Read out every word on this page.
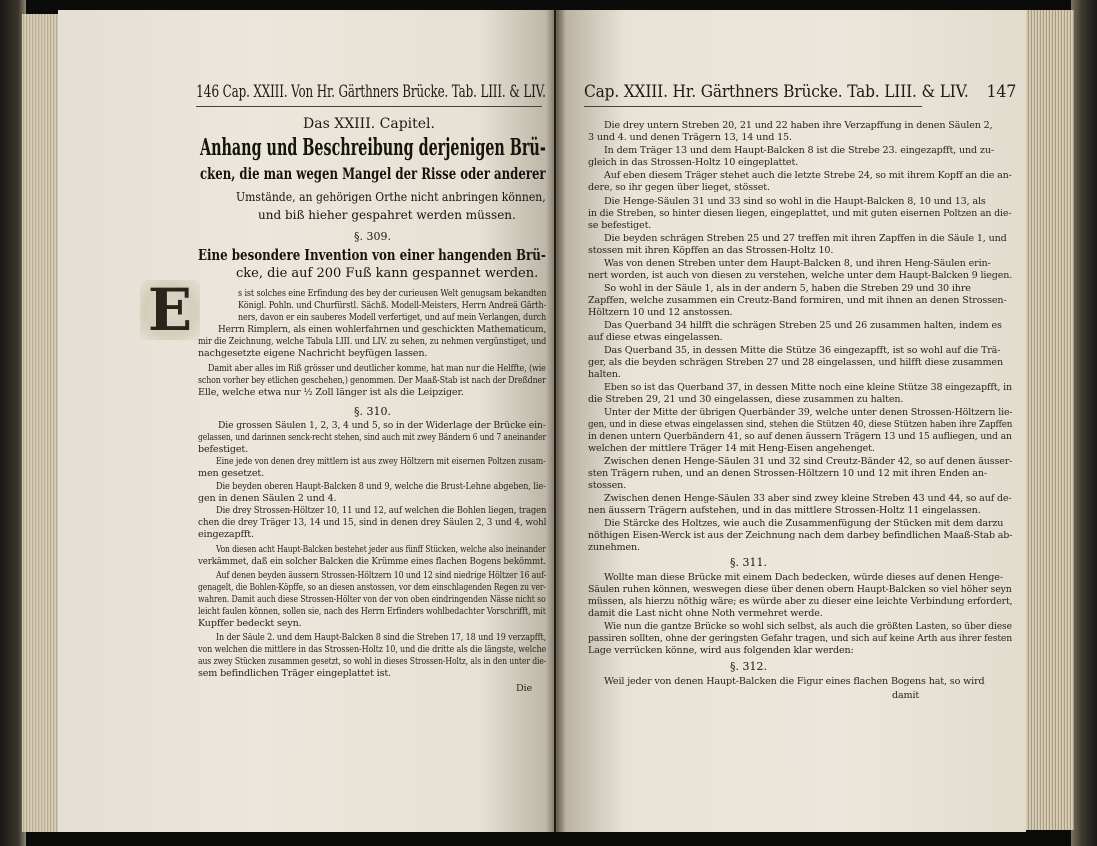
146 Cap. XXIII. Von Hr. Gärthners Brücke. Tab. LIII. & LIV.
Das XXIII. Capitel.
Anhang und Beschreibung derjenigen Brü-
cken, die man wegen Mangel der Risse oder anderer
Umstände, an gehörigen Orthe nicht anbringen können,
und biß hieher gespahret werden müssen.
§. 309.
Eine besondere Invention von einer hangenden Brü-
cke, die auf 200 Fuß kann gespannet werden.
E	s ist solches eine Erfindung des bey der curieusen Welt genugsam bekandten
Königl. Pohln. und Churfürstl. Sächß. Modell-Meisters, Herrn Andreä Gärth-
ners, davon er ein sauberes Modell verfertiget, und auf mein Verlangen, durch
Herrn Rimplern, als einen wohlerfahrnen und geschickten Mathematicum,
mir die Zeichnung, welche Tabula LIII. und LIV. zu sehen, zu nehmen vergünstiget, und
nachgesetzte eigene Nachricht beyfügen lassen.
Damit aber alles im Riß grösser und deutlicher komme, hat man nur die Helffte, (wie
schon vorher bey etlichen geschehen,) genommen. Der Maaß-Stab ist nach der Dreßdner
Elle, welche etwa nur ½ Zoll länger ist als die Leipziger.
§. 310.
Die grossen Säulen 1, 2, 3, 4 und 5, so in der Widerlage der Brücke ein-
gelassen, und darinnen senck-recht stehen, sind auch mit zwey Bändern 6 und 7 aneinander
befestiget.
Eine jede von denen drey mittlern ist aus zwey Höltzern mit eisernen Poltzen zusam-
men gesetzet.
Die beyden oberen Haupt-Balcken 8 und 9, welche die Brust-Lehne abgeben, lie-
gen in denen Säulen 2 und 4.
Die drey Strossen-Höltzer 10, 11 und 12, auf welchen die Bohlen liegen, tragen
chen die drey Träger 13, 14 und 15, sind in denen drey Säulen 2, 3 und 4, wohl
eingezapfft.
Von diesen acht Haupt-Balcken bestehet jeder aus fünff Stücken, welche also ineinander
verkämmet, daß ein solcher Balcken die Krümme eines flachen Bogens bekömmt.
Auf denen beyden äussern Strossen-Höltzern 10 und 12 sind niedrige Höltzer 16 auf-
genagelt, die Bohlen-Köpffe, so an diesen anstossen, vor dem einschlagenden Regen zu ver-
wahren. Damit auch diese Strossen-Hölter von der von oben eindringenden Nässe nicht so
leicht faulen können, sollen sie, nach des Herrn Erfinders wohlbedachter Vorschrifft, mit
Kupffer bedeckt seyn.
In der Säule 2. und dem Haupt-Balcken 8 sind die Streben 17, 18 und 19 verzapfft,
von welchen die mittlere in das Strossen-Holtz 10, und die dritte als die längste, welche
aus zwey Stücken zusammen gesetzt, so wohl in dieses Strossen-Holtz, als in den unter die-
sem befindlichen Träger eingeplattet ist.
Die
Cap. XXIII. Hr. Gärthners Brücke. Tab. LIII. & LIV. 147
Die drey untern Streben 20, 21 und 22 haben ihre Verzapffung in denen Säulen 2,
3 und 4. und denen Trägern 13, 14 und 15.
In dem Träger 13 und dem Haupt-Balcken 8 ist die Strebe 23. eingezapfft, und zu-
gleich in das Strossen-Holtz 10 eingeplattet.
Auf eben diesem Träger stehet auch die letzte Strebe 24, so mit ihrem Kopff an die an-
dere, so ihr gegen über lieget, stösset.
Die Henge-Säulen 31 und 33 sind so wohl in die Haupt-Balcken 8, 10 und 13, als
in die Streben, so hinter diesen liegen, eingeplattet, und mit guten eisernen Poltzen an die-
se befestiget.
Die beyden schrägen Streben 25 und 27 treffen mit ihren Zapffen in die Säule 1, und
stossen mit ihren Köpffen an das Strossen-Holtz 10.
Was von denen Streben unter dem Haupt-Balcken 8, und ihren Heng-Säulen erin-
nert worden, ist auch von diesen zu verstehen, welche unter dem Haupt-Balcken 9 liegen.
So wohl in der Säule 1, als in der andern 5, haben die Streben 29 und 30 ihre
Zapffen, welche zusammen ein Creutz-Band formiren, und mit ihnen an denen Strossen-
Höltzern 10 und 12 anstossen.
Das Querband 34 hilfft die schrägen Streben 25 und 26 zusammen halten, indem es
auf diese etwas eingelassen.
Das Querband 35, in dessen Mitte die Stütze 36 eingezapfft, ist so wohl auf die Trä-
ger, als die beyden schrägen Streben 27 und 28 eingelassen, und hilfft diese zusammen
halten.
Eben so ist das Querband 37, in dessen Mitte noch eine kleine Stütze 38 eingezapfft, in
die Streben 29, 21 und 30 eingelassen, diese zusammen zu halten.
Unter der Mitte der übrigen Querbänder 39, welche unter denen Strossen-Höltzern lie-
gen, und in diese etwas eingelassen sind, stehen die Stützen 40, diese Stützen haben ihre Zapffen
in denen untern Querbändern 41, so auf denen äussern Trägern 13 und 15 aufliegen, und an
welchen der mittlere Träger 14 mit Heng-Eisen angehenget.
Zwischen denen Henge-Säulen 31 und 32 sind Creutz-Bänder 42, so auf denen äusser-
sten Trägern ruhen, und an denen Strossen-Höltzern 10 und 12 mit ihren Enden an-
stossen.
Zwischen denen Henge-Säulen 33 aber sind zwey kleine Streben 43 und 44, so auf de-
nen äussern Trägern aufstehen, und in das mittlere Strossen-Holtz 11 eingelassen.
Die Stärcke des Holtzes, wie auch die Zusammenfügung der Stücken mit dem darzu
nöthigen Eisen-Werck ist aus der Zeichnung nach dem darbey befindlichen Maaß-Stab ab-
zunehmen.
§. 311.
Wollte man diese Brücke mit einem Dach bedecken, würde dieses auf denen Henge-
Säulen ruhen können, weswegen diese über denen obern Haupt-Balcken so viel höher seyn
müssen, als hierzu nöthig wäre; es würde aber zu dieser eine leichte Verbindung erfordert,
damit die Last nicht ohne Noth vermehret werde.
Wie nun die gantze Brücke so wohl sich selbst, als auch die größten Lasten, so über diese
passiren sollten, ohne der geringsten Gefahr tragen, und sich auf keine Arth aus ihrer festen
Lage verrücken könne, wird aus folgenden klar werden:
§. 312.
Weil jeder von denen Haupt-Balcken die Figur eines flachen Bogens hat, so wird
damit
